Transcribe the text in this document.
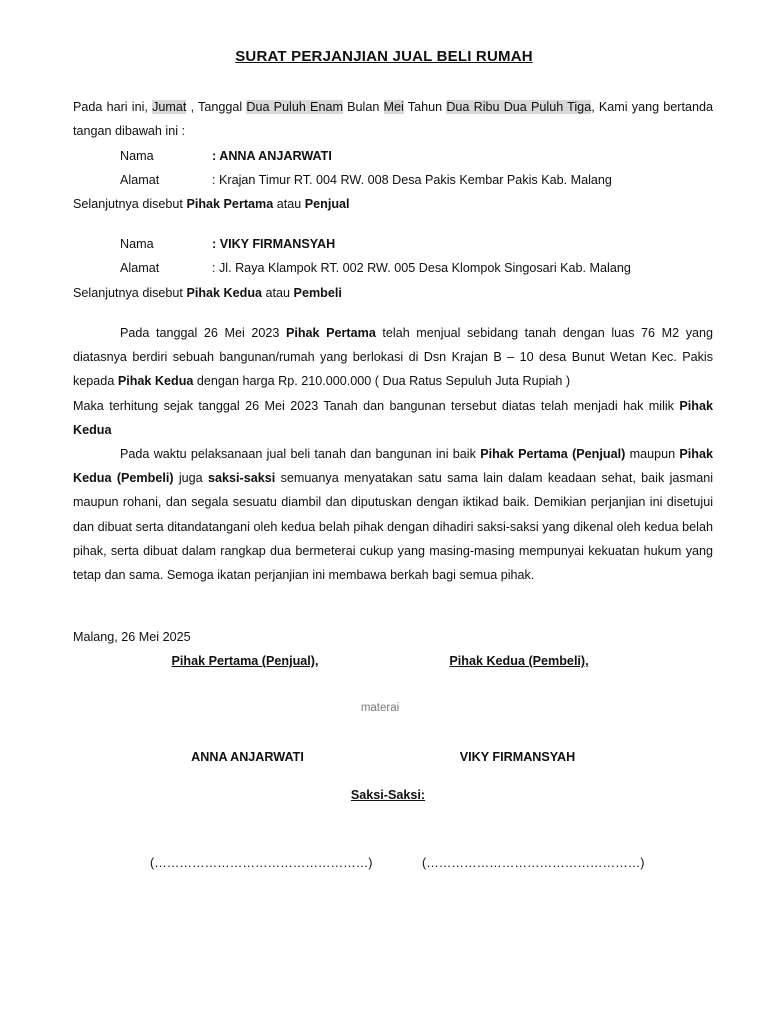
SURAT PERJANJIAN JUAL BELI RUMAH

Pada hari ini, Jumat , Tanggal Dua Puluh Enam Bulan Mei Tahun Dua Ribu Dua Puluh Tiga, Kami yang bertanda tangan dibawah ini :

Nama	: ANNA ANJARWATI
Alamat	: Krajan Timur RT. 004 RW. 008 Desa Pakis Kembar Pakis Kab. Malang
Selanjutnya disebut Pihak Pertama atau Penjual
Nama	: VIKY FIRMANSYAH
Alamat	: Jl. Raya Klampok RT. 002 RW. 005 Desa Klompok Singosari Kab. Malang
Selanjutnya disebut Pihak Kedua atau Pembeli

Pada tanggal 26 Mei 2023 Pihak Pertama telah menjual sebidang tanah dengan luas 76 M2 yang diatasnya berdiri sebuah bangunan/rumah yang berlokasi di Dsn Krajan B – 10 desa Bunut Wetan Kec. Pakis kepada Pihak Kedua dengan harga Rp. 210.000.000 ( Dua Ratus Sepuluh Juta Rupiah )

Maka terhitung sejak tanggal 26 Mei 2023 Tanah dan bangunan tersebut diatas telah menjadi hak milik Pihak Kedua

Pada waktu pelaksanaan jual beli tanah dan bangunan ini baik Pihak Pertama (Penjual) maupun Pihak Kedua (Pembeli) juga saksi-saksi semuanya menyatakan satu sama lain dalam keadaan sehat, baik jasmani maupun rohani, dan segala sesuatu diambil dan diputuskan dengan iktikad baik. Demikian perjanjian ini disetujui dan dibuat serta ditandatangani oleh kedua belah pihak dengan dihadiri saksi-saksi yang dikenal oleh kedua belah pihak, serta dibuat dalam rangkap dua bermeterai cukup yang masing-masing mempunyai kekuatan hukum yang tetap dan sama. Semoga ikatan perjanjian ini membawa berkah bagi semua pihak.

Malang, 26 Mei 2025
Pihak Pertama (Penjual),	Pihak Kedua (Pembeli),
materai
ANNA ANJARWATI	VIKY FIRMANSYAH
Saksi-Saksi:
(……………………………………………)	(……………………………………………)
